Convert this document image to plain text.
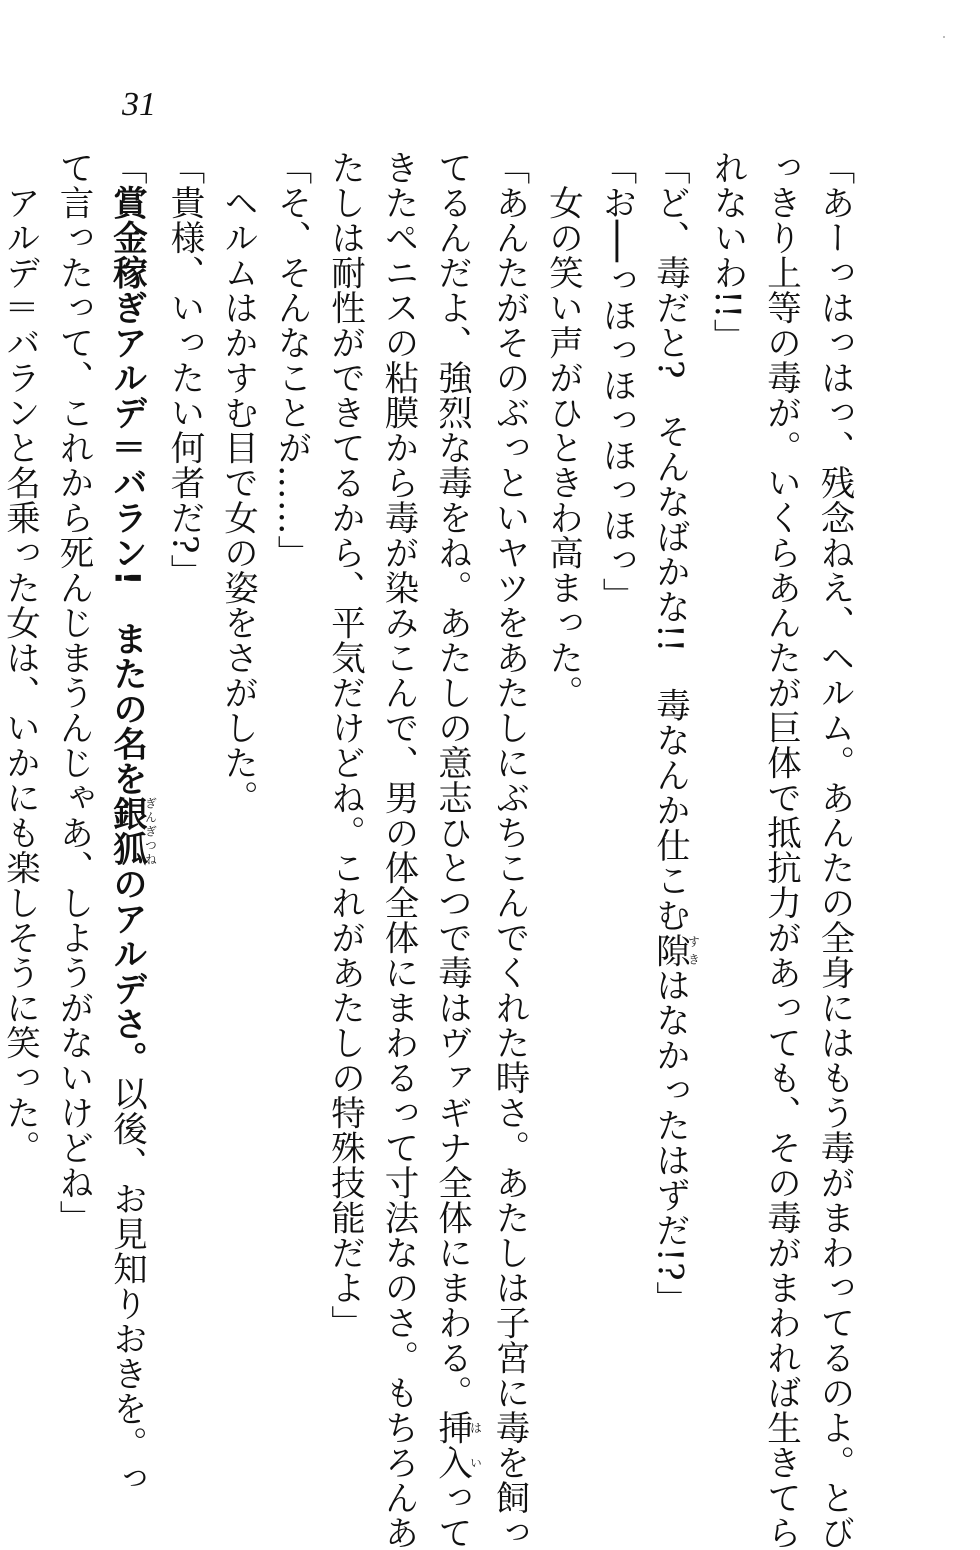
31
「あーっはっはっ、残念ねえ、ヘルム。あんたの全身にはもう毒がまわってるのよ。とび
っきり上等の毒が。いくらあんたが巨体で抵抗力があっても、その毒がまわれば生きてら
れないわ!!」
「ど、毒だと?　そんなばかな!!　毒なんか仕こむ隙すきはなかったはずだ!?」
「お──っほっほっほっほっ」
　女の笑い声がひときわ高まった。
「あんたがそのぶっといヤツをあたしにぶちこんでくれた時さ。あたしは子宮に毒を飼っ
てるんだよ、強烈な毒をね。あたしの意志ひとつで毒はヴァギナ全体にまわる。挿入はいって
きたペニスの粘膜から毒が染みこんで、男の体全体にまわるって寸法なのさ。もちろんあ
たしは耐性ができてるから、平気だけどね。これがあたしの特殊技能だよ」
「そ、そんなことが……」
　ヘルムはかすむ目で女の姿をさがした。
「貴様、いったい何者だ?」
「賞金稼ぎアルデ＝バラン!　またの名を銀狐ぎんぎつねのアルデさ。以後、お見知りおきを。っ
て言ったって、これから死んじまうんじゃあ、しようがないけどね」
　アルデ＝バランと名乗った女は、いかにも楽しそうに笑った。
